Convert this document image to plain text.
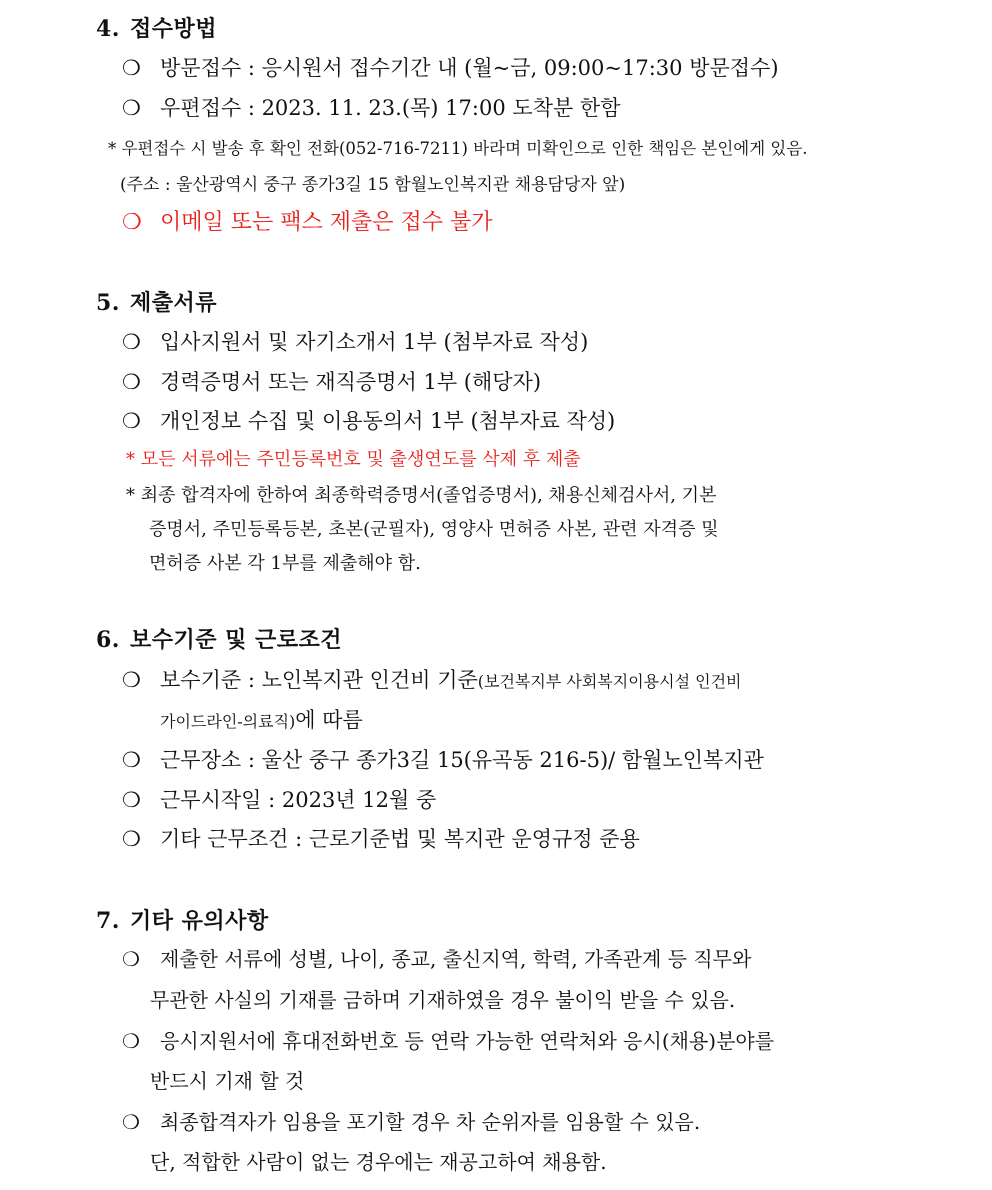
4. 접수방법
❍ 방문접수 : 응시원서 접수기간 내 (월~금, 09:00~17:30 방문접수)
❍ 우편접수 : 2023. 11. 23.(목) 17:00 도착분 한함
* 우편접수 시 발송 후 확인 전화(052-716-7211) 바라며 미확인으로 인한 책임은 본인에게 있음.
(주소 : 울산광역시 중구 종가3길 15 함월노인복지관 채용담당자 앞)
❍ 이메일 또는 팩스 제출은 접수 불가
5. 제출서류
❍ 입사지원서 및 자기소개서 1부 (첨부자료 작성)
❍ 경력증명서 또는 재직증명서 1부 (해당자)
❍ 개인정보 수집 및 이용동의서 1부 (첨부자료 작성)
* 모든 서류에는 주민등록번호 및 출생연도를 삭제 후 제출
* 최종 합격자에 한하여 최종학력증명서(졸업증명서), 채용신체검사서, 기본
증명서, 주민등록등본, 초본(군필자), 영양사 면허증 사본, 관련 자격증 및
면허증 사본 각 1부를 제출해야 함.
6. 보수기준 및 근로조건
❍ 보수기준 : 노인복지관 인건비 기준(보건복지부 사회복지이용시설 인건비
가이드라인-의료직)에 따름
❍ 근무장소 : 울산 중구 종가3길 15(유곡동 216-5)/ 함월노인복지관
❍ 근무시작일 : 2023년 12월 중
❍ 기타 근무조건 : 근로기준법 및 복지관 운영규정 준용
7. 기타 유의사항
❍ 제출한 서류에 성별, 나이, 종교, 출신지역, 학력, 가족관계 등 직무와
무관한 사실의 기재를 금하며 기재하였을 경우 불이익 받을 수 있음.
❍ 응시지원서에 휴대전화번호 등 연락 가능한 연락처와 응시(채용)분야를
반드시 기재 할 것
❍ 최종합격자가 임용을 포기할 경우 차 순위자를 임용할 수 있음.
단, 적합한 사람이 없는 경우에는 재공고하여 채용함.
